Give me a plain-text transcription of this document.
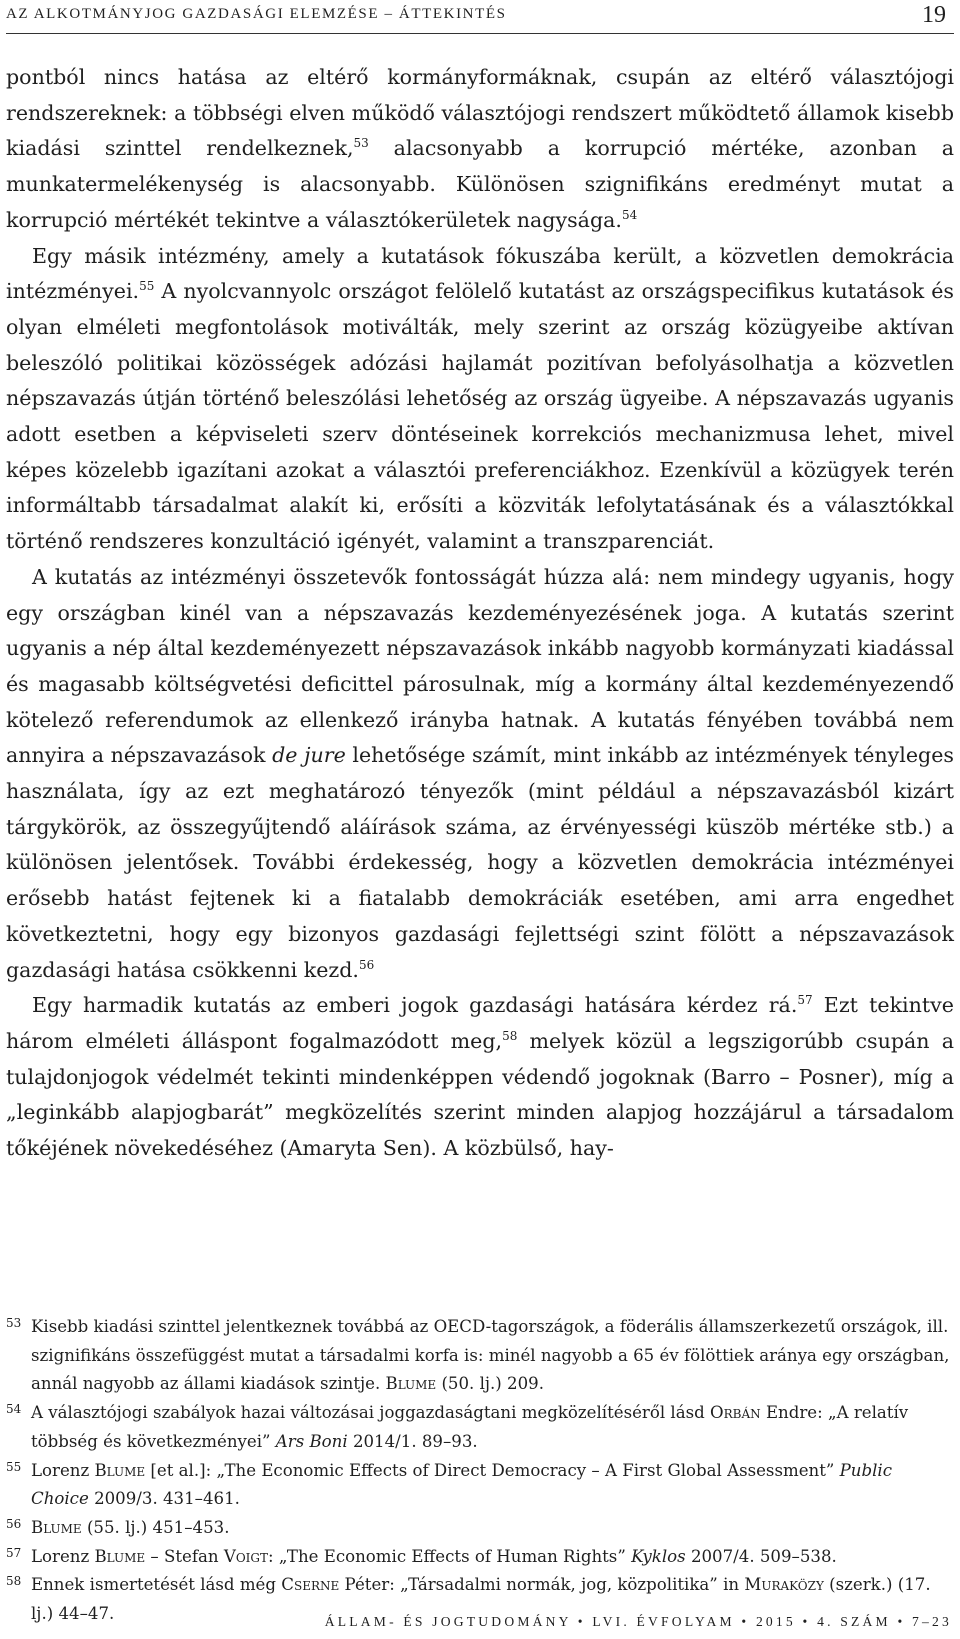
AZ ALKOTMÁNYJOG GAZDASÁGI ELEMZÉSE – ÁTTEKINTÉS	19

pontból nincs hatása az eltérő kormányformáknak, csupán az eltérő választójogi rendszereknek: a többségi elven működő választójogi rendszert működtető államok kisebb kiadási szinttel rendelkeznek,$^{53}$ alacsonyabb a korrupció mértéke, azonban a munkatermelékenység is alacsonyabb. Különösen szignifikáns eredményt mutat a korrupció mértékét tekintve a választókerületek nagysága.$^{54}$

Egy másik intézmény, amely a kutatások fókuszába került, a közvetlen demokrácia intézményei.$^{55}$ A nyolcvannyolc országot felölelő kutatást az országspecifikus kutatások és olyan elméleti megfontolások motiválták, mely szerint az ország közügyeibe aktívan beleszóló politikai közösségek adózási hajlamát pozitívan befolyásolhatja a közvetlen népszavazás útján történő beleszólási lehetőség az ország ügyeibe. A népszavazás ugyanis adott esetben a képviseleti szerv döntéseinek korrekciós mechanizmusa lehet, mivel képes közelebb igazítani azokat a választói preferenciákhoz. Ezenkívül a közügyek terén informáltabb társadalmat alakít ki, erősíti a közviták lefolytatásának és a választókkal történő rendszeres konzultáció igényét, valamint a transzparenciát.

A kutatás az intézményi összetevők fontosságát húzza alá: nem mindegy ugyanis, hogy egy országban kinél van a népszavazás kezdeményezésének joga. A kutatás szerint ugyanis a nép által kezdeményezett népszavazások inkább nagyobb kormányzati kiadással és magasabb költségvetési deficittel párosulnak, míg a kormány által kezdeményezendő kötelező referendumok az ellenkező irányba hatnak. A kutatás fényében továbbá nem annyira a népszavazások de jure lehetősége számít, mint inkább az intézmények tényleges használata, így az ezt meghatározó tényezők (mint például a népszavazásból kizárt tárgykörök, az összegyűjtendő aláírások száma, az érvényességi küszöb mértéke stb.) a különösen jelentősek. További érdekesség, hogy a közvetlen demokrácia intézményei erősebb hatást fejtenek ki a fiatalabb demokráciák esetében, ami arra engedhet következtetni, hogy egy bizonyos gazdasági fejlettségi szint fölött a népszavazások gazdasági hatása csökkenni kezd.$^{56}$

Egy harmadik kutatás az emberi jogok gazdasági hatására kérdez rá.$^{57}$ Ezt tekintve három elméleti álláspont fogalmazódott meg,$^{58}$ melyek közül a legszigorúbb csupán a tulajdonjogok védelmét tekinti mindenképpen védendő jogoknak (Barro – Posner), míg a „leginkább alapjogbarát” megközelítés szerint minden alapjog hozzájárul a társadalom tőkéjének növekedéséhez (Amaryta Sen). A közbülső, hay-

53 Kisebb kiadási szinttel jelentkeznek továbbá az OECD-tagországok, a föderális államszerkezetű országok, ill. szignifikáns összefüggést mutat a társadalmi korfa is: minél nagyobb a 65 év fölöttiek aránya egy országban, annál nagyobb az állami kiadások szintje. Blume (50. lj.) 209.
54 A választójogi szabályok hazai változásai joggazdaságtani megközelítéséről lásd Orbán Endre: „A relatív többség és következményei” Ars Boni 2014/1. 89–93.
55 Lorenz Blume [et al.]: „The Economic Effects of Direct Democracy – A First Global Assessment” Public Choice 2009/3. 431–461.
56 Blume (55. lj.) 451–453.
57 Lorenz Blume – Stefan Voigt: „The Economic Effects of Human Rights” Kyklos 2007/4. 509–538.
58 Ennek ismertetését lásd még Cserne Péter: „Társadalmi normák, jog, közpolitika” in Muraközy (szerk.) (17. lj.) 44–47.	ÁLLAM- ÉS JOGTUDOMÁNY • LVI. ÉVFOLYAM • 2015 • 4. SZÁM • 7–23
